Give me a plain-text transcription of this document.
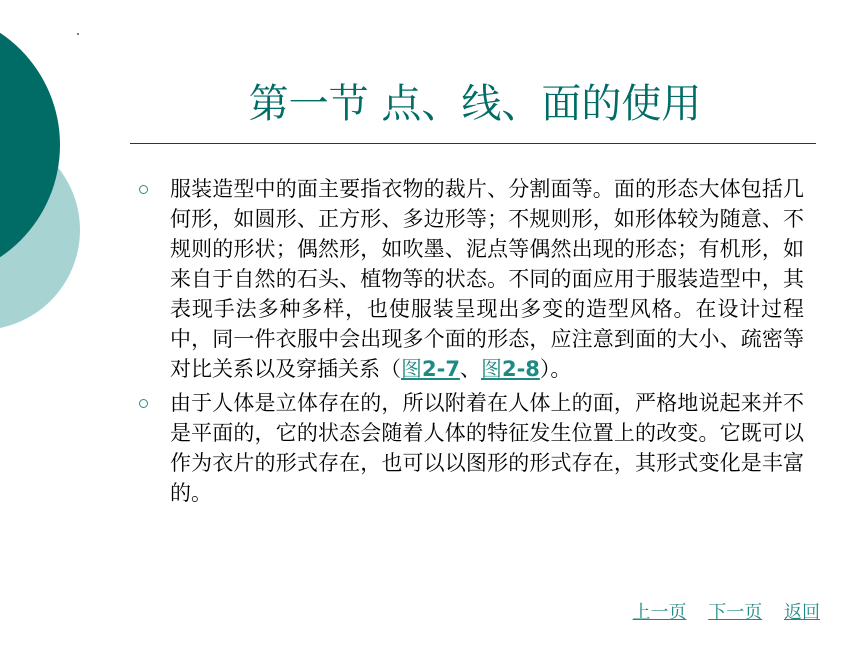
第一节 点、线、面的使用

服装造型中的面主要指衣物的裁片、分割面等。面的形态大体包括几何形，如圆形、正方形、多边形等；不规则形，如形体较为随意、不规则的形状；偶然形，如吹墨、泥点等偶然出现的形态；有机形，如来自于自然的石头、植物等的状态。不同的面应用于服装造型中，其表现手法多种多样，也使服装呈现出多变的造型风格。在设计过程中，同一件衣服中会出现多个面的形态，应注意到面的大小、疏密等对比关系以及穿插关系（图2-7、图2-8）。

由于人体是立体存在的，所以附着在人体上的面，严格地说起来并不是平面的，它的状态会随着人体的特征发生位置上的改变。它既可以作为衣片的形式存在，也可以以图形的形式存在，其形式变化是丰富的。

上一页 下一页 返回
